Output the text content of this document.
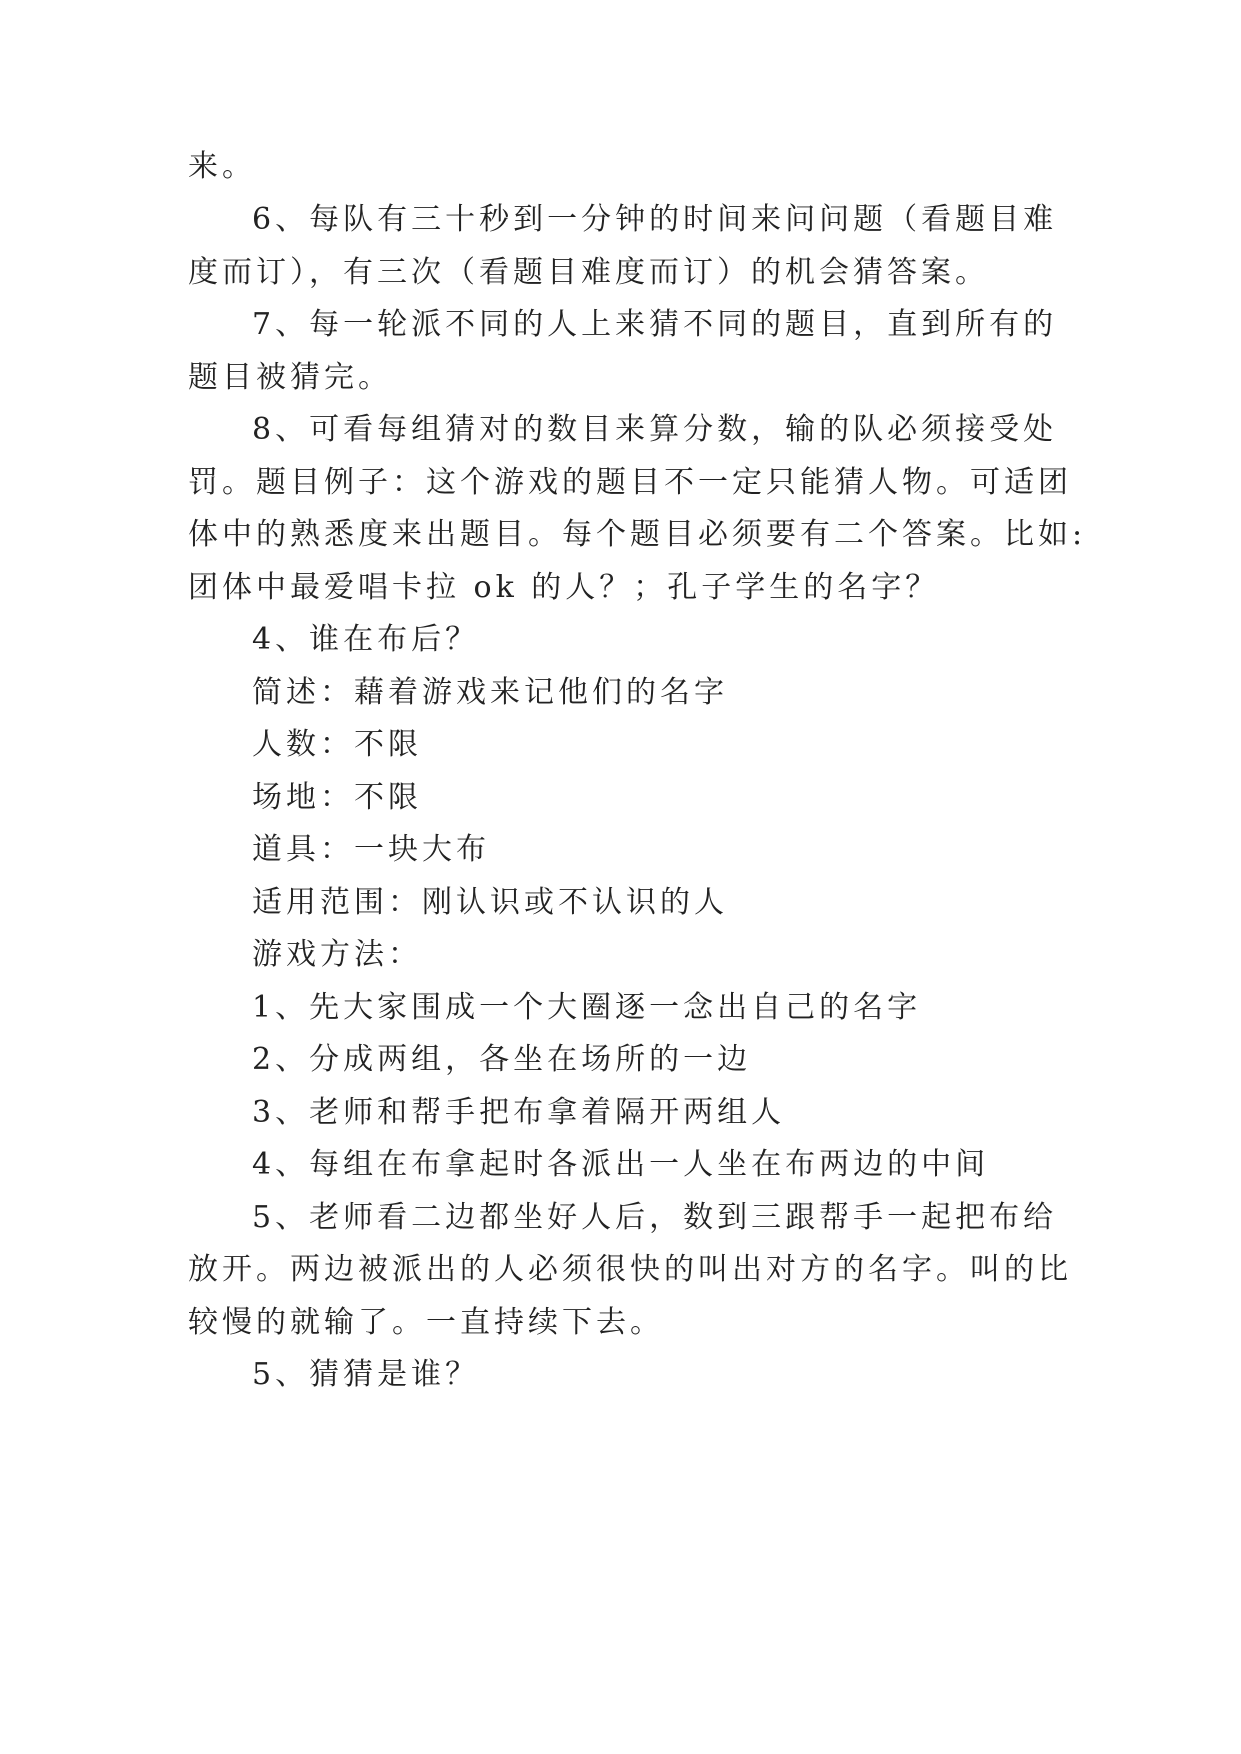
来。
6、每队有三十秒到一分钟的时间来问问题（看题目难
度而订），有三次（看题目难度而订）的机会猜答案。
7、每一轮派不同的人上来猜不同的题目，直到所有的
题目被猜完。
8、可看每组猜对的数目来算分数，输的队必须接受处
罚。题目例子：这个游戏的题目不一定只能猜人物。可适团
体中的熟悉度来出题目。每个题目必须要有二个答案。比如:
团体中最爱唱卡拉 ok 的人？；孔子学生的名字？
4、谁在布后？
简述：藉着游戏来记他们的名字
人数：不限
场地：不限
道具：一块大布
适用范围：刚认识或不认识的人
游戏方法：
1、先大家围成一个大圈逐一念出自己的名字
2、分成两组，各坐在场所的一边
3、老师和帮手把布拿着隔开两组人
4、每组在布拿起时各派出一人坐在布两边的中间
5、老师看二边都坐好人后，数到三跟帮手一起把布给
放开。两边被派出的人必须很快的叫出对方的名字。叫的比
较慢的就输了。一直持续下去。
5、猜猜是谁？
